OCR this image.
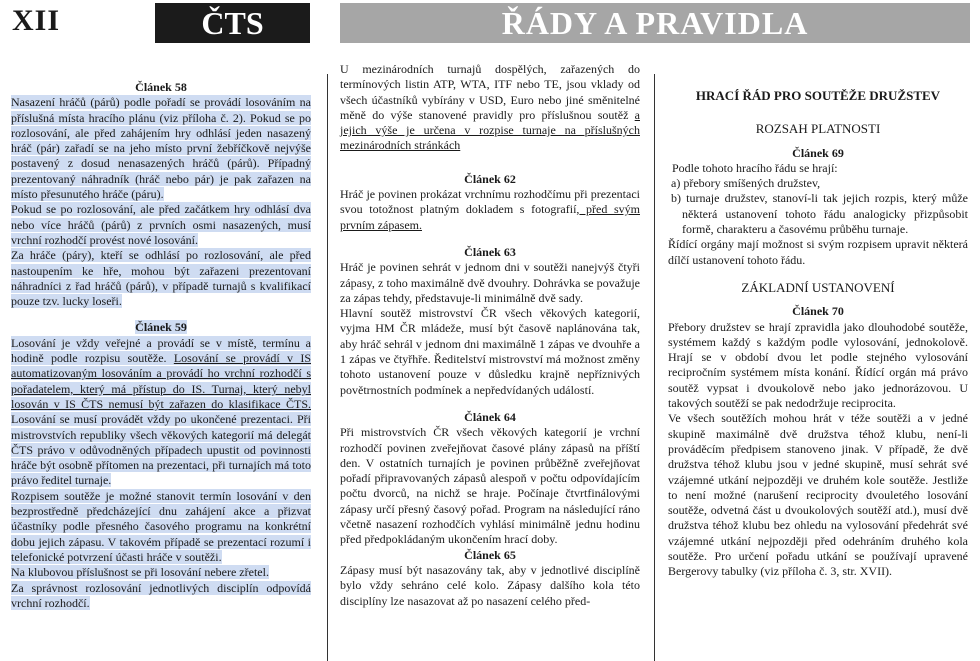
XII	ČTS	ŘÁDY A PRAVIDLA

Článek 58

Nasazení hráčů (párů) podle pořadí se provádí losováním na příslušná místa hracího plánu (viz příloha č. 2). Pokud se po rozlosování, ale před zahájením hry odhlásí jeden nasazený hráč (pár) zařadí se na jeho místo první žebříčkově nejvýše postavený z dosud nenasazených hráčů (párů). Případný prezentovaný náhradník (hráč nebo pár) je pak zařazen na místo přesunutého hráče (páru).

Pokud se po rozlosování, ale před začátkem hry odhlásí dva nebo více hráčů (párů) z prvních osmi nasazených, musí vrchní rozhodčí provést nové losování.

Za hráče (páry), kteří se odhlásí po rozlosování, ale před nastoupením ke hře, mohou být zařazeni prezentovaní náhradníci z řad hráčů (párů), v případě turnajů s kvalifikací pouze tzv. lucky loseři.

Článek 59

Losování je vždy veřejné a provádí se v místě, termínu a hodině podle rozpisu soutěže. Losování se provádí v IS automatizovaným losováním a provádí ho vrchní rozhodčí s pořadatelem, který má přístup do IS. Turnaj, který nebyl losován v IS ČTS nemusí být zařazen do klasifikace ČTS. Losování se musí provádět vždy po ukončené prezentaci. Při mistrovstvích republiky všech věkových kategorií má delegát ČTS právo v odůvodněných případech upustit od povinnosti hráče být osobně přítomen na prezentaci, při turnajích má toto právo ředitel turnaje.

Rozpisem soutěže je možné stanovit termín losování v den bezprostředně předcházející dnu zahájení akce a přizvat účastníky podle přesného časového programu na konkrétní dobu jejich zápasu. V takovém případě se prezentací rozumí i telefonické potvrzení účasti hráče v soutěži.

Na klubovou příslušnost se při losování nebere zřetel.

Za správnost rozlosování jednotlivých disciplín odpovídá vrchní rozhodčí.

U mezinárodních turnajů dospělých, zařazených do termínových listin ATP, WTA, ITF nebo TE, jsou vklady od všech účastníků vybírány v USD, Euro nebo jiné směnitelné měně do výše stanovené pravidly pro příslušnou soutěž a jejich výše je určena v rozpise turnaje na příslušných mezinárodních stránkách

Článek 62

Hráč je povinen prokázat vrchnímu rozhodčímu při prezentaci svou totožnost platným dokladem s fotografií, před svým prvním zápasem.

Článek 63

Hráč je povinen sehrát v jednom dni v soutěži nanejvýš čtyři zápasy, z toho maximálně dvě dvouhry. Dohrávka se považuje za zápas tehdy, představuje-li minimálně dvě sady.

Hlavní soutěž mistrovství ČR všech věkových kategorií, vyjma HM ČR mládeže, musí být časově naplánována tak, aby hráč sehrál v jednom dni maximálně 1 zápas ve dvouhře a 1 zápas ve čtyřhře. Ředitelství mistrovství má možnost změny tohoto ustanovení pouze v důsledku krajně nepříznivých povětrnostních podmínek a nepředvídaných událostí.

Článek 64

Při mistrovstvích ČR všech věkových kategorií je vrchní rozhodčí povinen zveřejňovat časové plány zápasů na příští den. V ostatních turnajích je povinen průběžně zveřejňovat pořadí připravovaných zápasů alespoň v počtu odpovídajícím počtu dvorců, na nichž se hraje. Počínaje čtvrtfinálovými zápasy určí přesný časový pořad. Program na následující ráno včetně nasazení rozhodčích vyhlásí minimálně jednu hodinu před předpokládaným ukončením hrací doby.

Článek 65

Zápasy musí být nasazovány tak, aby v jednotlivé disciplíně bylo vždy sehráno celé kolo. Zápasy dalšího kola této disciplíny lze nasazovat až po nasazení celého před-

HRACÍ ŘÁD PRO SOUTĚŽE DRUŽSTEV

ROZSAH PLATNOSTI

Článek 69

Podle tohoto hracího řádu se hrají:

a) přebory smíšených družstev,

b) turnaje družstev, stanoví-li tak jejich rozpis, který může některá ustanovení tohoto řádu analogicky přizpůsobit formě, charakteru a časovému průběhu turnaje.

Řídící orgány mají možnost si svým rozpisem upravit některá dílčí ustanovení tohoto řádu.

ZÁKLADNÍ USTANOVENÍ

Článek 70

Přebory družstev se hrají zpravidla jako dlouhodobé soutěže, systémem každý s každým podle vylosování, jednokolově. Hrají se v období dvou let podle stejného vylosování recipročním systémem místa konání. Řídící orgán má právo soutěž vypsat i dvoukolově nebo jako jednorázovou. U takových soutěží se pak nedodržuje reciprocita.

Ve všech soutěžích mohou hrát v téže soutěži a v jedné skupině maximálně dvě družstva téhož klubu, není-li prováděcím předpisem stanoveno jinak. V případě, že dvě družstva téhož klubu jsou v jedné skupině, musí sehrát své vzájemné utkání nejpozději ve druhém kole soutěže. Jestliže to není možné (narušení reciprocity dvouletého losování soutěže, odvetná část u dvoukolových soutěží atd.), musí dvě družstva téhož klubu bez ohledu na vylosování předehrát své vzájemné utkání nejpozději před odehráním druhého kola soutěže. Pro určení pořadu utkání se používají upravené Bergerovy tabulky (viz příloha č. 3, str. XVII).
